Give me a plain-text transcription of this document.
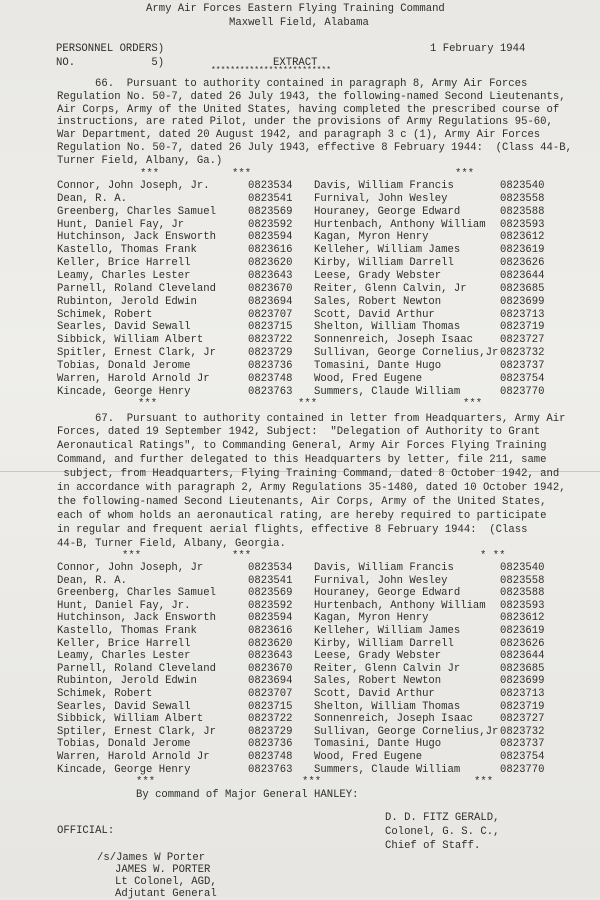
Army Air Forces Eastern Flying Training Command
Maxwell Field, Alabama
PERSONNEL ORDERS)	1 February 1944
NO.            5)	EXTRACT
*************************
66.  Pursuant to authority contained in paragraph 8, Army Air Forces
Regulation No. 50-7, dated 26 July 1943, the following-named Second Lieutenants,
Air Corps, Army of the United States, having completed the prescribed course of
instructions, are rated Pilot, under the provisions of Army Regulations 95-60,
War Department, dated 20 August 1942, and paragraph 3 c (1), Army Air Forces
Regulation No. 50-7, dated 26 July 1943, effective 8 February 1944:  (Class 44-B,
Turner Field, Albany, Ga.)
***	***	***
Connor, John Joseph, Jr.	0823534 Davis, William Francis	0823540
Dean, R. A.	0823541 Furnival, John Wesley	0823558
Greenberg, Charles Samuel	0823569 Houraney, George Edward	0823588
Hunt, Daniel Fay, Jr	0823592 Hurtenbach, Anthony William 0823593
Hutchinson, Jack Ensworth	0823594 Kagan, Myron Henry	0823612
Kastello, Thomas Frank	0823616 Kelleher, William James	0823619
Keller, Brice Harrell	0823620 Kirby, William Darrell	0823626
Leamy, Charles Lester	0823643 Leese, Grady Webster	0823644
Parnell, Roland Cleveland	0823670 Reiter, Glenn Calvin, Jr	0823685
Rubinton, Jerold Edwin	0823694 Sales, Robert Newton	0823699
Schimek, Robert	0823707 Scott, David Arthur	0823713
Searles, David Sewall	0823715 Shelton, William Thomas	0823719
Sibbick, William Albert	0823722 Sonnenreich, Joseph Isaac	0823727
Spitler, Ernest Clark, Jr	0823729 Sullivan, George Cornelius,Jr 0823732
Tobias, Donald Jerome	0823736 Tomasini, Dante Hugo	0823737
Warren, Harold Arnold Jr	0823748 Wood, Fred Eugene	0823754
Kincade, George Henry	0823763 Summers, Claude William	0823770
***	***	***
67.  Pursuant to authority contained in letter from Headquarters, Army Air
Forces, dated 19 September 1942, Subject:  "Delegation of Authority to Grant
Aeronautical Ratings", to Commanding General, Army Air Forces Flying Training
Command, and further delegated to this Headquarters by letter, file 211, same
subject, from Headquarters, Flying Training Command, dated 8 October 1942, and
in accordance with paragraph 2, Army Regulations 35-1480, dated 10 October 1942,
the following-named Second Lieutenants, Air Corps, Army of the United States,
each of whom holds an aeronautical rating, are hereby required to participate
in regular and frequent aerial flights, effective 8 February 1944:  (Class
44-B, Turner Field, Albany, Georgia.
***	***	* **
Connor, John Joseph, Jr	0823534 Davis, William Francis	0823540
Dean, R. A.	0823541 Furnival, John Wesley	0823558
Greenberg, Charles Samuel	0823569 Houraney, George Edward	0823588
Hunt, Daniel Fay, Jr.	0823592 Hurtenbach, Anthony William 0823593
Hutchinson, Jack Ensworth	0823594 Kagan, Myron Henry	0823612
Kastello, Thomas Frank	0823616 Kelleher, William James	0823619
Keller, Brice Harrell	0823620 Kirby, William Darrell	0823626
Leamy, Charles Lester	0823643 Leese, Grady Webster	0823644
Parnell, Roland Cleveland	0823670 Reiter, Glenn Calvin Jr	0823685
Rubinton, Jerold Edwin	0823694 Sales, Robert Newton	0823699
Schimek, Robert	0823707 Scott, David Arthur	0823713
Searles, David Sewall	0823715 Shelton, William Thomas	0823719
Sibbick, William Albert	0823722 Sonnenreich, Joseph Isaac	0823727
Sptiler, Ernest Clark, Jr	0823729 Sullivan, George Cornelius,Jr 0823732
Tobias, Donald Jerome	0823736 Tomasini, Dante Hugo	0823737
Warren, Harold Arnold Jr	0823748 Wood, Fred Eugene	0823754
Kincade, George Henry	0823763 Summers, Claude William	0823770
***	***	***
By command of Major General HANLEY:
D. D. FITZ GERALD,
OFFICIAL:	Colonel, G. S. C.,
Chief of Staff.
/s/James W Porter
JAMES W. PORTER
Lt Colonel, AGD,
Adjutant General
